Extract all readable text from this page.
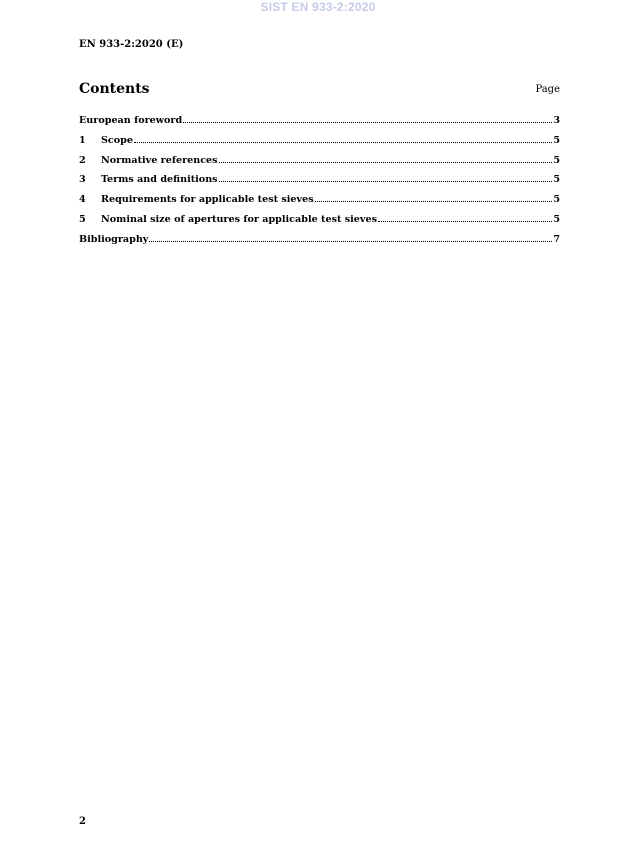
SIST EN 933-2:2020
EN 933-2:2020 (E)
Contents	Page
European foreword	3
1	Scope	5
2	Normative references	5
3	Terms and definitions	5
4	Requirements for applicable test sieves	5
5	Nominal size of apertures for applicable test sieves	5
Bibliography	7
2
